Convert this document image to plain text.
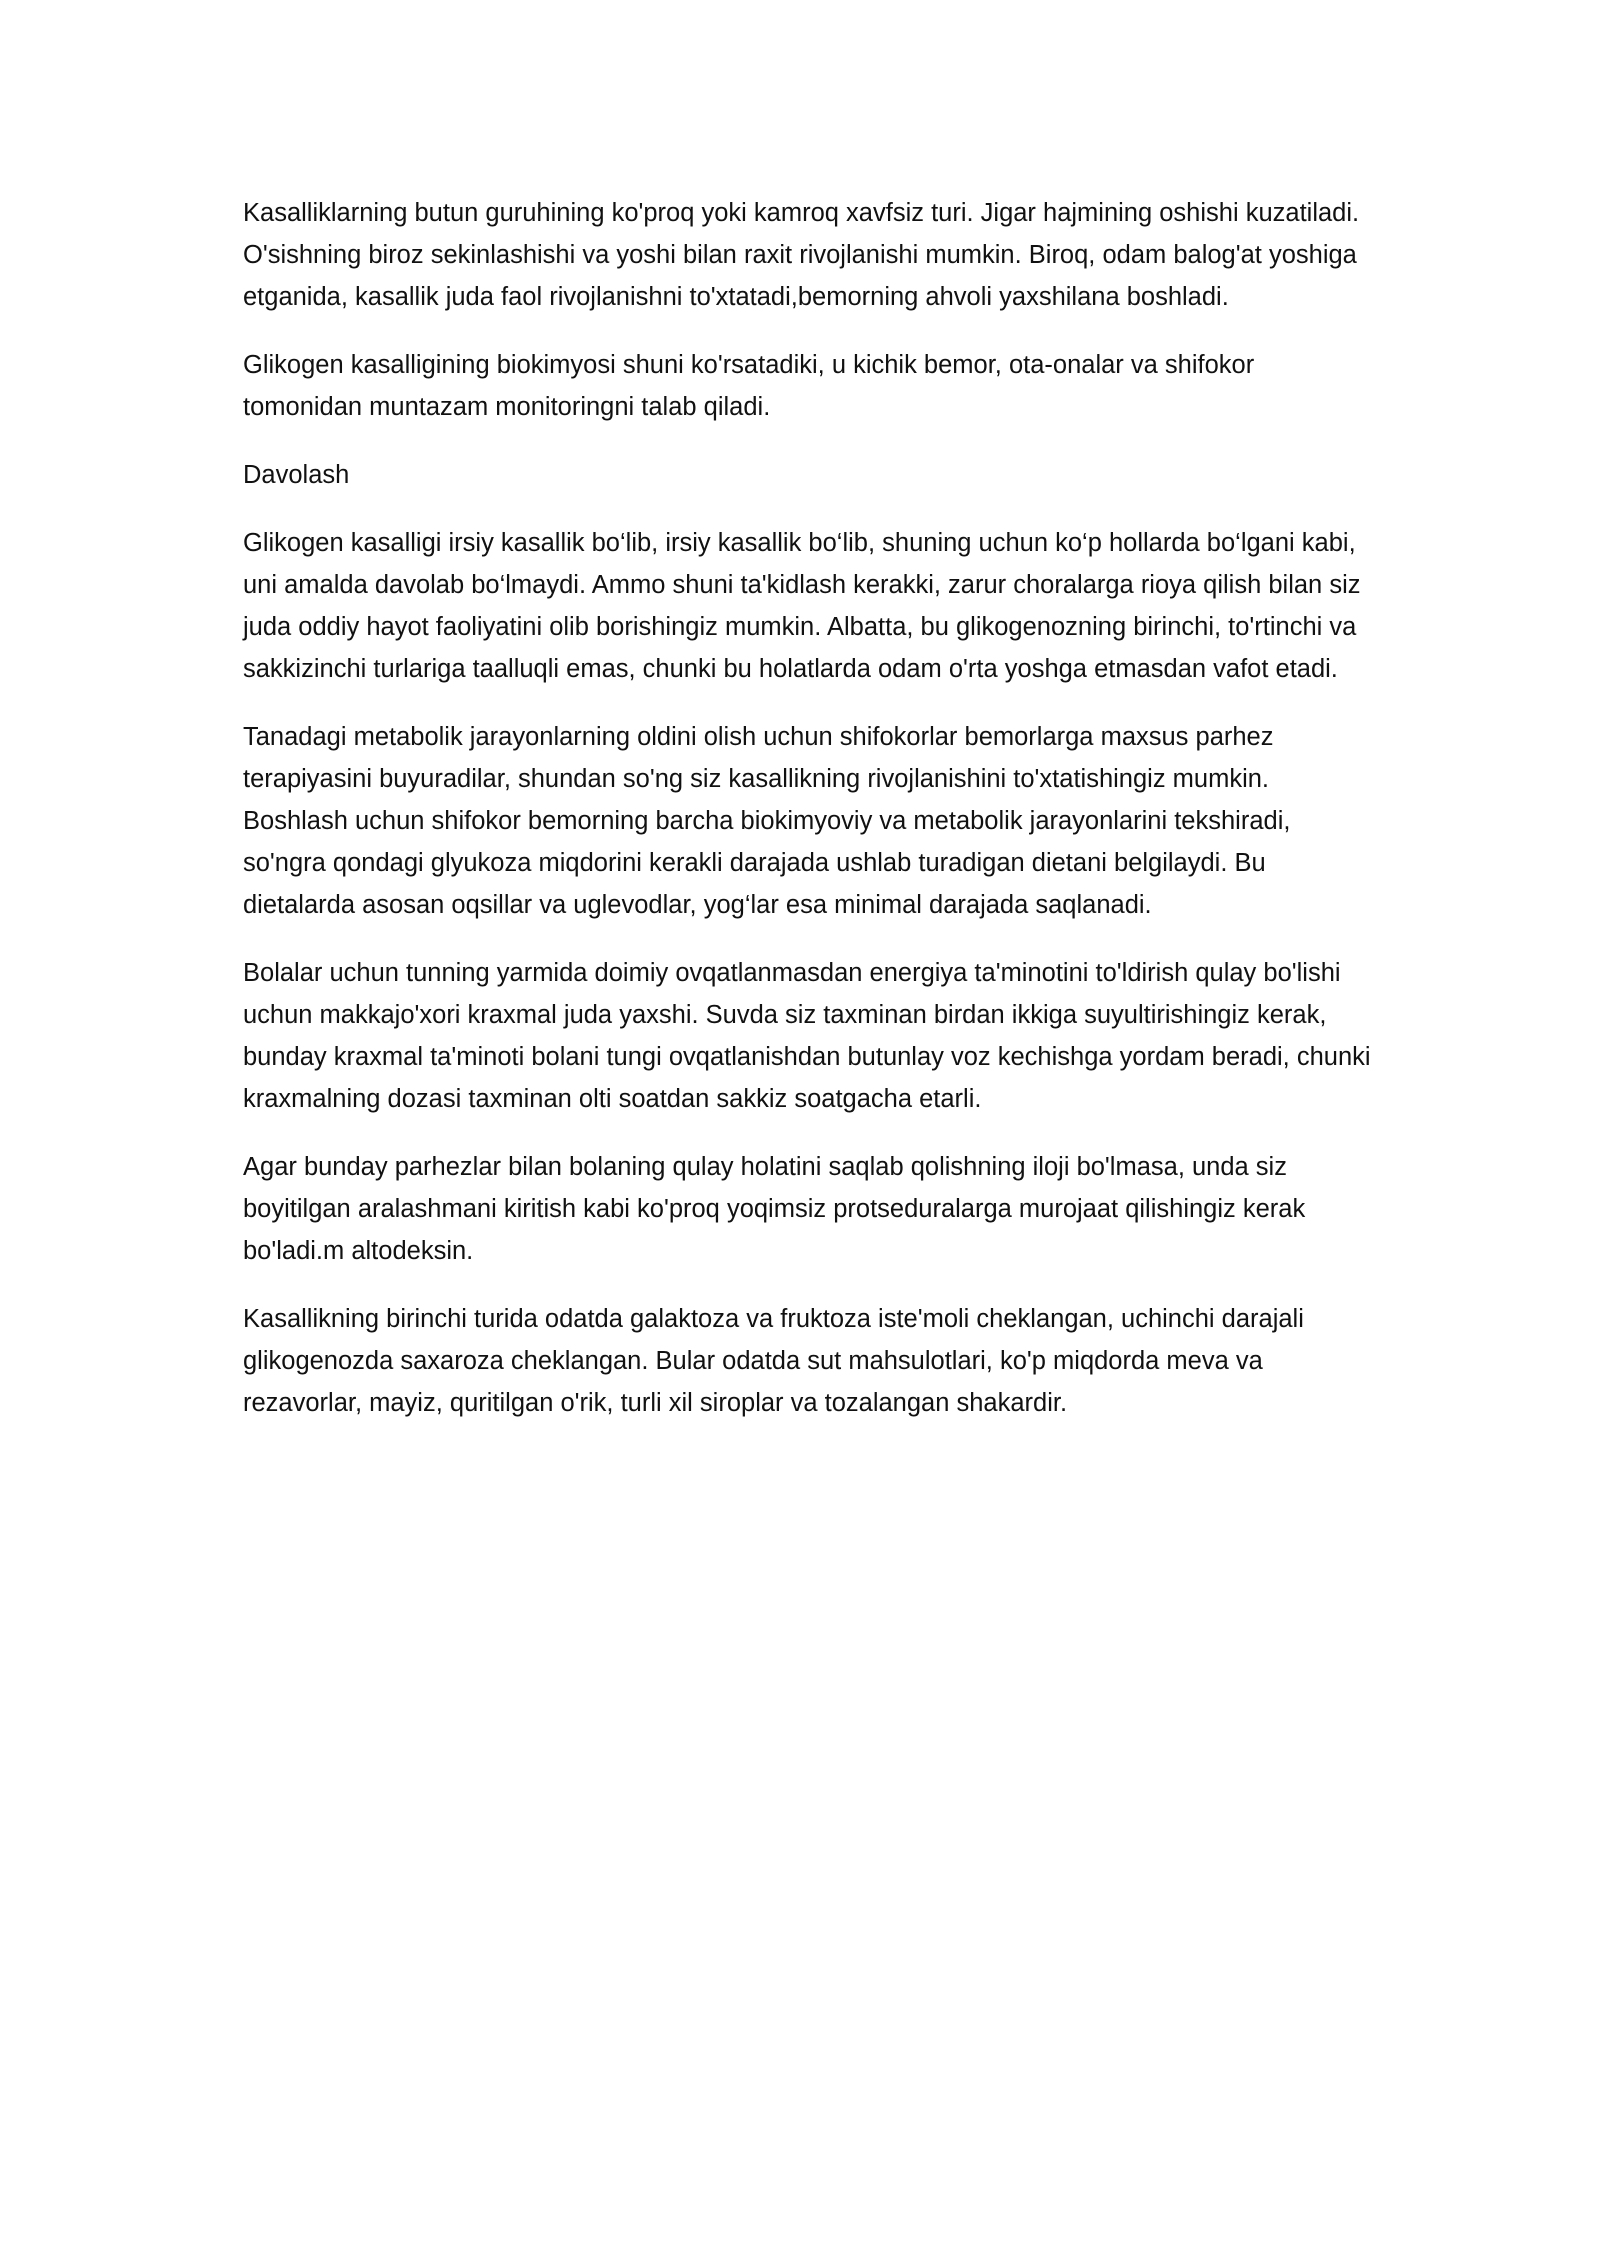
Kasalliklarning butun guruhining ko'proq yoki kamroq xavfsiz turi. Jigar hajmining oshishi kuzatiladi. O'sishning biroz sekinlashishi va yoshi bilan raxit rivojlanishi mumkin. Biroq, odam balog'at yoshiga etganida, kasallik juda faol rivojlanishni to'xtatadi,bemorning ahvoli yaxshilana boshladi.

Glikogen kasalligining biokimyosi shuni ko'rsatadiki, u kichik bemor, ota-onalar va shifokor tomonidan muntazam monitoringni talab qiladi.

Davolash

Glikogen kasalligi irsiy kasallik bo‘lib, irsiy kasallik bo‘lib, shuning uchun ko‘p hollarda bo‘lgani kabi, uni amalda davolab bo‘lmaydi. Ammo shuni ta'kidlash kerakki, zarur choralarga rioya qilish bilan siz juda oddiy hayot faoliyatini olib borishingiz mumkin. Albatta, bu glikogenozning birinchi, to'rtinchi va sakkizinchi turlariga taalluqli emas, chunki bu holatlarda odam o'rta yoshga etmasdan vafot etadi.

Tanadagi metabolik jarayonlarning oldini olish uchun shifokorlar bemorlarga maxsus parhez terapiyasini buyuradilar, shundan so'ng siz kasallikning rivojlanishini to'xtatishingiz mumkin. Boshlash uchun shifokor bemorning barcha biokimyoviy va metabolik jarayonlarini tekshiradi, so'ngra qondagi glyukoza miqdorini kerakli darajada ushlab turadigan dietani belgilaydi. Bu dietalarda asosan oqsillar va uglevodlar, yog‘lar esa minimal darajada saqlanadi.

Bolalar uchun tunning yarmida doimiy ovqatlanmasdan energiya ta'minotini to'ldirish qulay bo'lishi uchun makkajo'xori kraxmal juda yaxshi. Suvda siz taxminan birdan ikkiga suyultirishingiz kerak, bunday kraxmal ta'minoti bolani tungi ovqatlanishdan butunlay voz kechishga yordam beradi, chunki kraxmalning dozasi taxminan olti soatdan sakkiz soatgacha etarli.

Agar bunday parhezlar bilan bolaning qulay holatini saqlab qolishning iloji bo'lmasa, unda siz boyitilgan aralashmani kiritish kabi ko'proq yoqimsiz protseduralarga murojaat qilishingiz kerak bo'ladi.m altodeksin.

Kasallikning birinchi turida odatda galaktoza va fruktoza iste'moli cheklangan, uchinchi darajali glikogenozda saxaroza cheklangan. Bular odatda sut mahsulotlari, ko'p miqdorda meva va rezavorlar, mayiz, quritilgan o'rik, turli xil siroplar va tozalangan shakardir.
